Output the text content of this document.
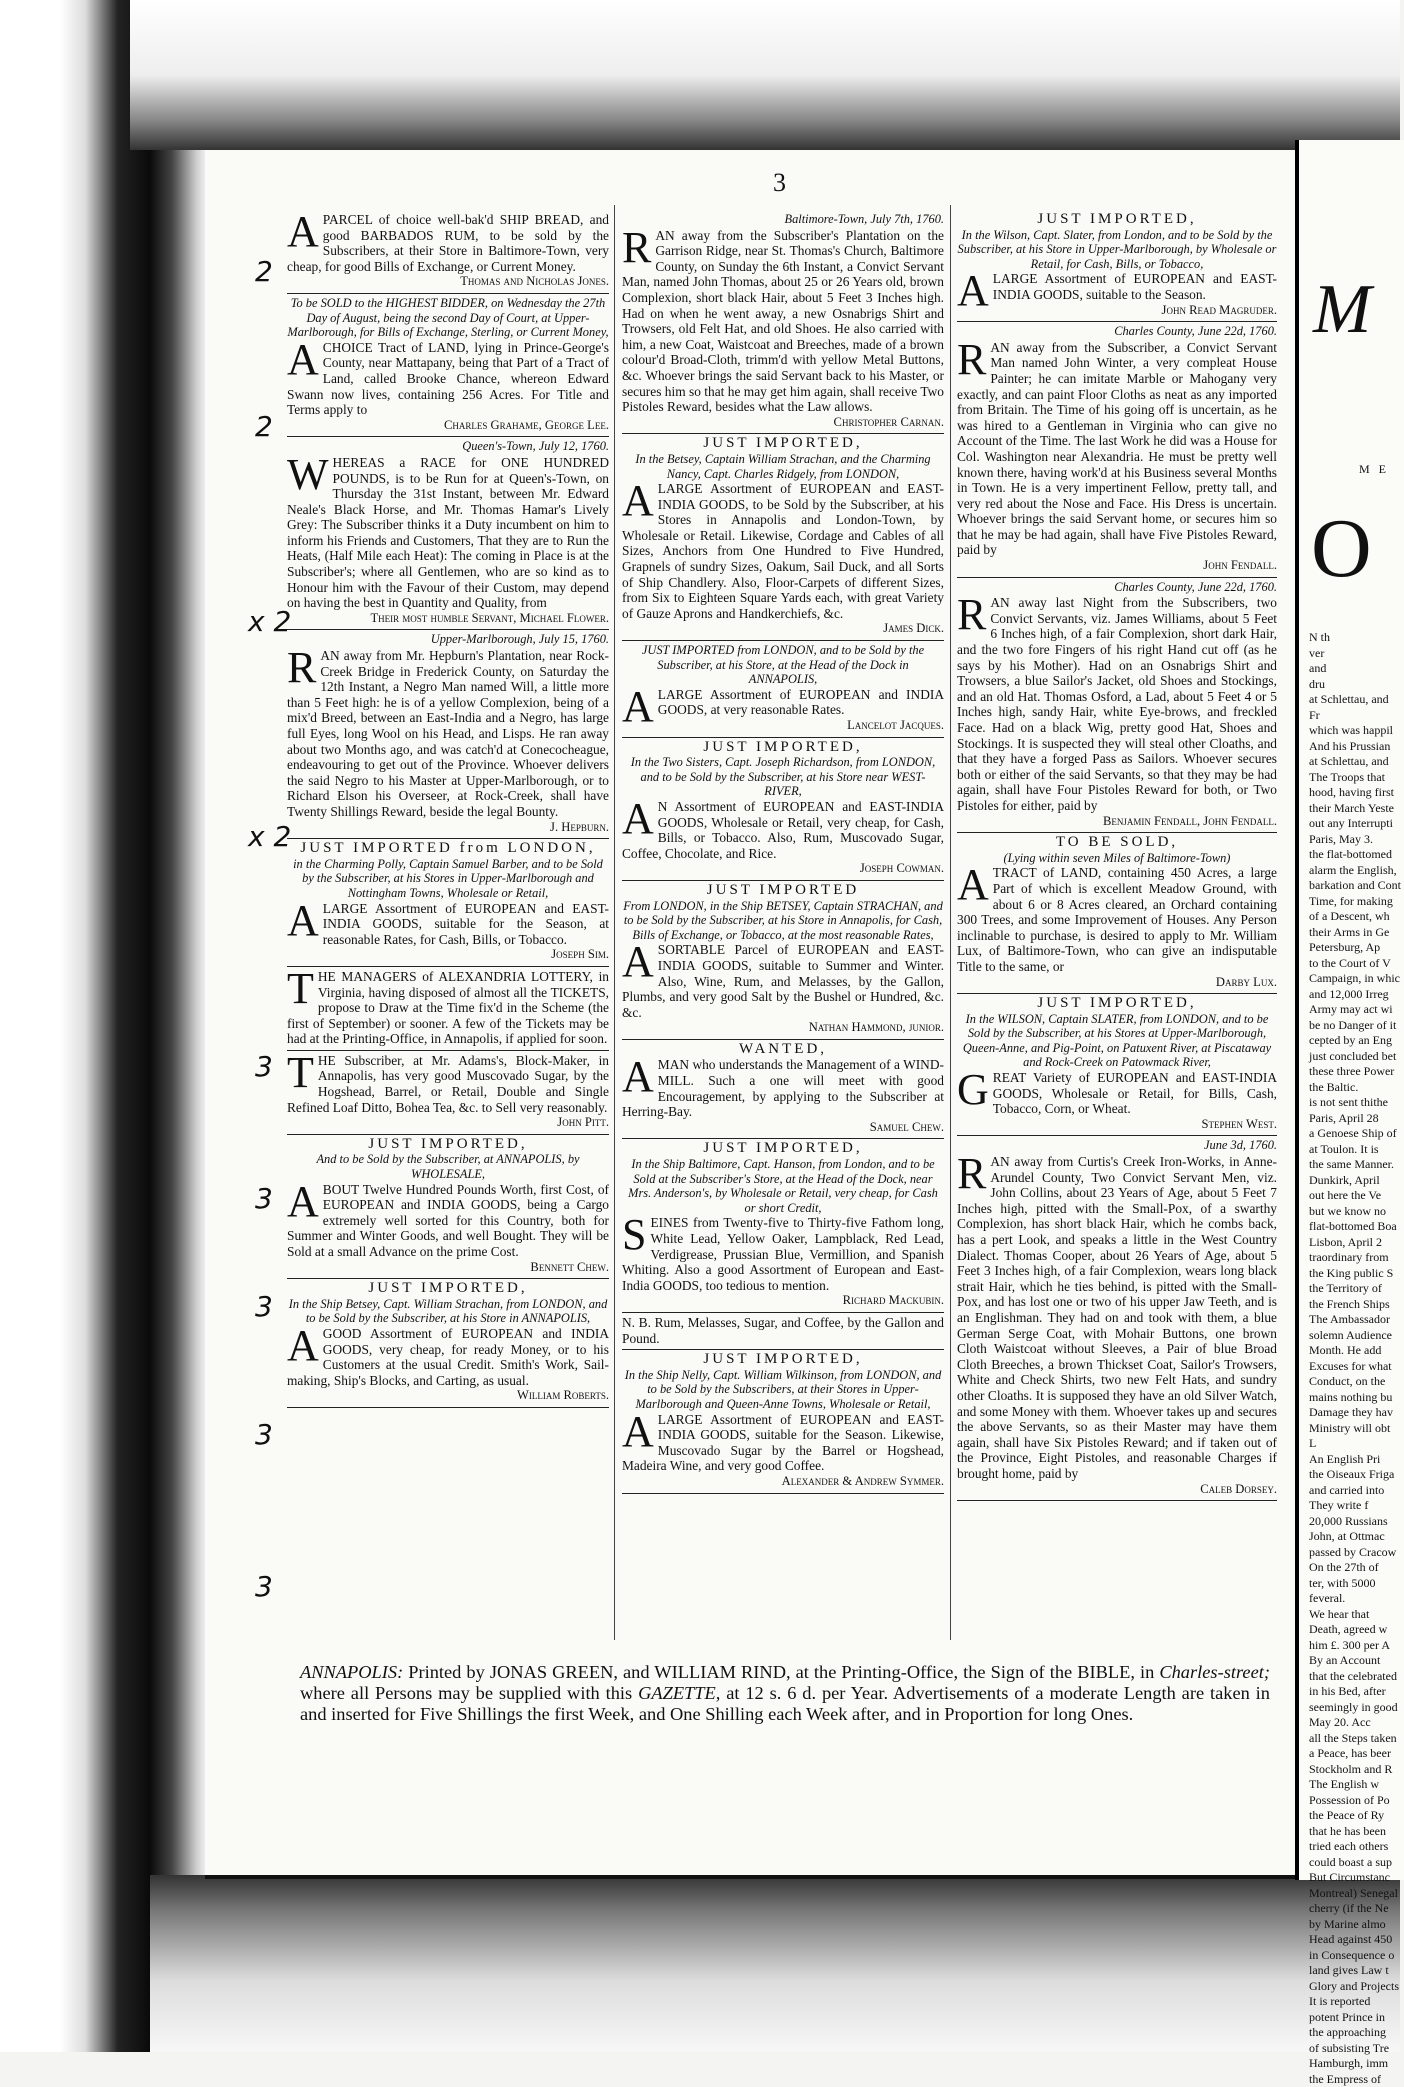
3

APARCEL of choice well-bak'd SHIP BREAD, and good BARBADOS RUM, to be sold by the Subscribers, at their Store in Baltimore-Town, very cheap, for good Bills of Exchange, or Current Money.

Thomas and Nicholas Jones.

To be SOLD to the HIGHEST BIDDER, on Wednesday the 27th Day of August, being the second Day of Court, at Upper-Marlborough, for Bills of Exchange, Sterling, or Current Money,

ACHOICE Tract of LAND, lying in Prince-George's County, near Mattapany, being that Part of a Tract of Land, called Brooke Chance, whereon Edward Swann now lives, containing 256 Acres. For Title and Terms apply to

Charles Grahame, George Lee.

Queen's-Town, July 12, 1760.

WHEREAS a RACE for ONE HUNDRED POUNDS, is to be Run for at Queen's-Town, on Thursday the 31st Instant, between Mr. Edward Neale's Black Horse, and Mr. Thomas Hamar's Lively Grey: The Subscriber thinks it a Duty incumbent on him to inform his Friends and Customers, That they are to Run the Heats, (Half Mile each Heat): The coming in Place is at the Subscriber's; where all Gentlemen, who are so kind as to Honour him with the Favour of their Custom, may depend on having the best in Quantity and Quality, from

Their most humble Servant, Michael Flower.

Upper-Marlborough, July 15, 1760.

RAN away from Mr. Hepburn's Plantation, near Rock-Creek Bridge in Frederick County, on Saturday the 12th Instant, a Negro Man named Will, a little more than 5 Feet high: he is of a yellow Complexion, being of a mix'd Breed, between an East-India and a Negro, has large full Eyes, long Wool on his Head, and Lisps. He ran away about two Months ago, and was catch'd at Conecocheague, endeavouring to get out of the Province. Whoever delivers the said Negro to his Master at Upper-Marlborough, or to Richard Elson his Overseer, at Rock-Creek, shall have Twenty Shillings Reward, beside the legal Bounty.

J. Hepburn.

JUST IMPORTED from LONDON,

in the Charming Polly, Captain Samuel Barber, and to be Sold by the Subscriber, at his Stores in Upper-Marlborough and Nottingham Towns, Wholesale or Retail,

ALARGE Assortment of EUROPEAN and EAST-INDIA GOODS, suitable for the Season, at reasonable Rates, for Cash, Bills, or Tobacco.

Joseph Sim.

THE MANAGERS of ALEXANDRIA LOTTERY, in Virginia, having disposed of almost all the TICKETS, propose to Draw at the Time fix'd in the Scheme (the first of September) or sooner. A few of the Tickets may be had at the Printing-Office, in Annapolis, if applied for soon.

THE Subscriber, at Mr. Adams's, Block-Maker, in Annapolis, has very good Muscovado Sugar, by the Hogshead, Barrel, or Retail, Double and Single Refined Loaf Ditto, Bohea Tea, &c. to Sell very reasonably.

John Pitt.

JUST IMPORTED,

And to be Sold by the Subscriber, at ANNAPOLIS, by WHOLESALE,

ABOUT Twelve Hundred Pounds Worth, first Cost, of EUROPEAN and INDIA GOODS, being a Cargo extremely well sorted for this Country, both for Summer and Winter Goods, and well Bought. They will be Sold at a small Advance on the prime Cost.

Bennett Chew.

JUST IMPORTED,

In the Ship Betsey, Capt. William Strachan, from LONDON, and to be Sold by the Subscriber, at his Store in ANNAPOLIS,

AGOOD Assortment of EUROPEAN and INDIA GOODS, very cheap, for ready Money, or to his Customers at the usual Credit. Smith's Work, Sail-making, Ship's Blocks, and Carting, as usual.

William Roberts.

Baltimore-Town, July 7th, 1760.

RAN away from the Subscriber's Plantation on the Garrison Ridge, near St. Thomas's Church, Baltimore County, on Sunday the 6th Instant, a Convict Servant Man, named John Thomas, about 25 or 26 Years old, brown Complexion, short black Hair, about 5 Feet 3 Inches high. Had on when he went away, a new Osnabrigs Shirt and Trowsers, old Felt Hat, and old Shoes. He also carried with him, a new Coat, Waistcoat and Breeches, made of a brown colour'd Broad-Cloth, trimm'd with yellow Metal Buttons, &c. Whoever brings the said Servant back to his Master, or secures him so that he may get him again, shall receive Two Pistoles Reward, besides what the Law allows.

Christopher Carnan.

JUST IMPORTED,

In the Betsey, Captain William Strachan, and the Charming Nancy, Capt. Charles Ridgely, from LONDON,

ALARGE Assortment of EUROPEAN and EAST-INDIA GOODS, to be Sold by the Subscriber, at his Stores in Annapolis and London-Town, by Wholesale or Retail. Likewise, Cordage and Cables of all Sizes, Anchors from One Hundred to Five Hundred, Grapnels of sundry Sizes, Oakum, Sail Duck, and all Sorts of Ship Chandlery. Also, Floor-Carpets of different Sizes, from Six to Eighteen Square Yards each, with great Variety of Gauze Aprons and Handkerchiefs, &c.

James Dick.

JUST IMPORTED from LONDON, and to be Sold by the Subscriber, at his Store, at the Head of the Dock in ANNAPOLIS,

ALARGE Assortment of EUROPEAN and INDIA GOODS, at very reasonable Rates.

Lancelot Jacques.

JUST IMPORTED,

In the Two Sisters, Capt. Joseph Richardson, from LONDON, and to be Sold by the Subscriber, at his Store near WEST-RIVER,

AN Assortment of EUROPEAN and EAST-INDIA GOODS, Wholesale or Retail, very cheap, for Cash, Bills, or Tobacco. Also, Rum, Muscovado Sugar, Coffee, Chocolate, and Rice.

Joseph Cowman.

JUST IMPORTED

From LONDON, in the Ship BETSEY, Captain STRACHAN, and to be Sold by the Subscriber, at his Store in Annapolis, for Cash, Bills of Exchange, or Tobacco, at the most reasonable Rates,

ASORTABLE Parcel of EUROPEAN and EAST-INDIA GOODS, suitable to Summer and Winter. Also, Wine, Rum, and Melasses, by the Gallon, Plumbs, and very good Salt by the Bushel or Hundred, &c. &c.

Nathan Hammond, junior.

WANTED,

AMAN who understands the Management of a WIND-MILL. Such a one will meet with good Encouragement, by applying to the Subscriber at Herring-Bay.

Samuel Chew.

JUST IMPORTED,

In the Ship Baltimore, Capt. Hanson, from London, and to be Sold at the Subscriber's Store, at the Head of the Dock, near Mrs. Anderson's, by Wholesale or Retail, very cheap, for Cash or short Credit,

SEINES from Twenty-five to Thirty-five Fathom long, White Lead, Yellow Oaker, Lampblack, Red Lead, Verdigrease, Prussian Blue, Vermillion, and Spanish Whiting. Also a good Assortment of European and East-India GOODS, too tedious to mention.

Richard Mackubin.

N. B. Rum, Melasses, Sugar, and Coffee, by the Gallon and Pound.

JUST IMPORTED,

In the Ship Nelly, Capt. William Wilkinson, from LONDON, and to be Sold by the Subscribers, at their Stores in Upper-Marlborough and Queen-Anne Towns, Wholesale or Retail,

ALARGE Assortment of EUROPEAN and EAST-INDIA GOODS, suitable for the Season. Likewise, Muscovado Sugar by the Barrel or Hogshead, Madeira Wine, and very good Coffee.

Alexander & Andrew Symmer.

JUST IMPORTED,

In the Wilson, Capt. Slater, from London, and to be Sold by the Subscriber, at his Store in Upper-Marlborough, by Wholesale or Retail, for Cash, Bills, or Tobacco,

ALARGE Assortment of EUROPEAN and EAST-INDIA GOODS, suitable to the Season.

John Read Magruder.

Charles County, June 22d, 1760.

RAN away from the Subscriber, a Convict Servant Man named John Winter, a very compleat House Painter; he can imitate Marble or Mahogany very exactly, and can paint Floor Cloths as neat as any imported from Britain. The Time of his going off is uncertain, as he was hired to a Gentleman in Virginia who can give no Account of the Time. The last Work he did was a House for Col. Washington near Alexandria. He must be pretty well known there, having work'd at his Business several Months in Town. He is a very impertinent Fellow, pretty tall, and very red about the Nose and Face. His Dress is uncertain. Whoever brings the said Servant home, or secures him so that he may be had again, shall have Five Pistoles Reward, paid by

John Fendall.

Charles County, June 22d, 1760.

RAN away last Night from the Subscribers, two Convict Servants, viz. James Williams, about 5 Feet 6 Inches high, of a fair Complexion, short dark Hair, and the two fore Fingers of his right Hand cut off (as he says by his Mother). Had on an Osnabrigs Shirt and Trowsers, a blue Sailor's Jacket, old Shoes and Stockings, and an old Hat. Thomas Osford, a Lad, about 5 Feet 4 or 5 Inches high, sandy Hair, white Eye-brows, and freckled Face. Had on a black Wig, pretty good Hat, Shoes and Stockings. It is suspected they will steal other Cloaths, and that they have a forged Pass as Sailors. Whoever secures both or either of the said Servants, so that they may be had again, shall have Four Pistoles Reward for both, or Two Pistoles for either, paid by

Benjamin Fendall, John Fendall.

TO BE SOLD,

(Lying within seven Miles of Baltimore-Town)

ATRACT of LAND, containing 450 Acres, a large Part of which is excellent Meadow Ground, with about 6 or 8 Acres cleared, an Orchard containing 300 Trees, and some Improvement of Houses. Any Person inclinable to purchase, is desired to apply to Mr. William Lux, of Baltimore-Town, who can give an indisputable Title to the same, or

Darby Lux.

JUST IMPORTED,

In the WILSON, Captain SLATER, from LONDON, and to be Sold by the Subscriber, at his Stores at Upper-Marlborough, Queen-Anne, and Pig-Point, on Patuxent River, at Piscataway and Rock-Creek on Patowmack River,

GREAT Variety of EUROPEAN and EAST-INDIA GOODS, Wholesale or Retail, for Bills, Cash, Tobacco, Corn, or Wheat.

Stephen West.

June 3d, 1760.

RAN away from Curtis's Creek Iron-Works, in Anne-Arundel County, Two Convict Servant Men, viz. John Collins, about 23 Years of Age, about 5 Feet 7 Inches high, pitted with the Small-Pox, of a swarthy Complexion, has short black Hair, which he combs back, has a pert Look, and speaks a little in the West Country Dialect. Thomas Cooper, about 26 Years of Age, about 5 Feet 3 Inches high, of a fair Complexion, wears long black strait Hair, which he ties behind, is pitted with the Small-Pox, and has lost one or two of his upper Jaw Teeth, and is an Englishman. They had on and took with them, a blue German Serge Coat, with Mohair Buttons, one brown Cloth Waistcoat without Sleeves, a Pair of blue Broad Cloth Breeches, a brown Thickset Coat, Sailor's Trowsers, White and Check Shirts, two new Felt Hats, and sundry other Cloaths. It is supposed they have an old Silver Watch, and some Money with them. Whoever takes up and secures the above Servants, so as their Master may have them again, shall have Six Pistoles Reward; and if taken out of the Province, Eight Pistoles, and reasonable Charges if brought home, paid by

Caleb Dorsey.

ANNAPOLIS: Printed by JONAS GREEN, and WILLIAM RIND, at the Printing-Office, the Sign of the BIBLE, in Charles-street; where all Persons may be supplied with this GAZETTE, at 12 s. 6 d. per Year. Advertisements of a moderate Length are taken in and inserted for Five Shillings the first Week, and One Shilling each Week after, and in Proportion for long Ones.
M
M E
O
N th
ver
and
dru
at Schlettau, and
Fr
which was happil
And his Prussian
at Schlettau, and
The Troops that
hood, having first
their March Yeste
out any Interrupti
Paris, May 3.
the flat-bottomed
alarm the English,
barkation and Cont
Time, for making
of a Descent, wh
their Arms in Ge
Petersburg, Ap
to the Court of V
Campaign, in whic
and 12,000 Irreg
Army may act wi
be no Danger of it
cepted by an Eng
just concluded bet
these three Power
the Baltic.
is not sent thithe
Paris, April 28
a Genoese Ship of
at Toulon. It is
the same Manner.
Dunkirk, April
out here the Ve
but we know no
flat-bottomed Boa
Lisbon, April 2
traordinary from
the King public S
the Territory of
the French Ships
The Ambassador
solemn Audience
Month. He add
Excuses for what
Conduct, on the
mains nothing bu
Damage they hav
Ministry will obt
L
An English Pri
the Oiseaux Friga
and carried into
They write f
20,000 Russians
John, at Ottmac
passed by Cracow
On the 27th of
ter, with 5000
feveral.
We hear that
Death, agreed w
him £. 300 per A
By an Account
that the celebrated
in his Bed, after
seemingly in good
May 20. Acc
all the Steps taken
a Peace, has beer
Stockholm and R
The English w
Possession of Po
the Peace of Ry
that he has been
tried each others
could boast a sup
But Circumstanc
Montreal) Senegal
cherry (if the Ne
by Marine almo
Head against 450
in Consequence o
land gives Law t
Glory and Projects
It is reported
potent Prince in
the approaching
of subsisting Tre
Hamburgh, imm
the Empress of
2
2
x 2
x 2
3
3
3
3
3
